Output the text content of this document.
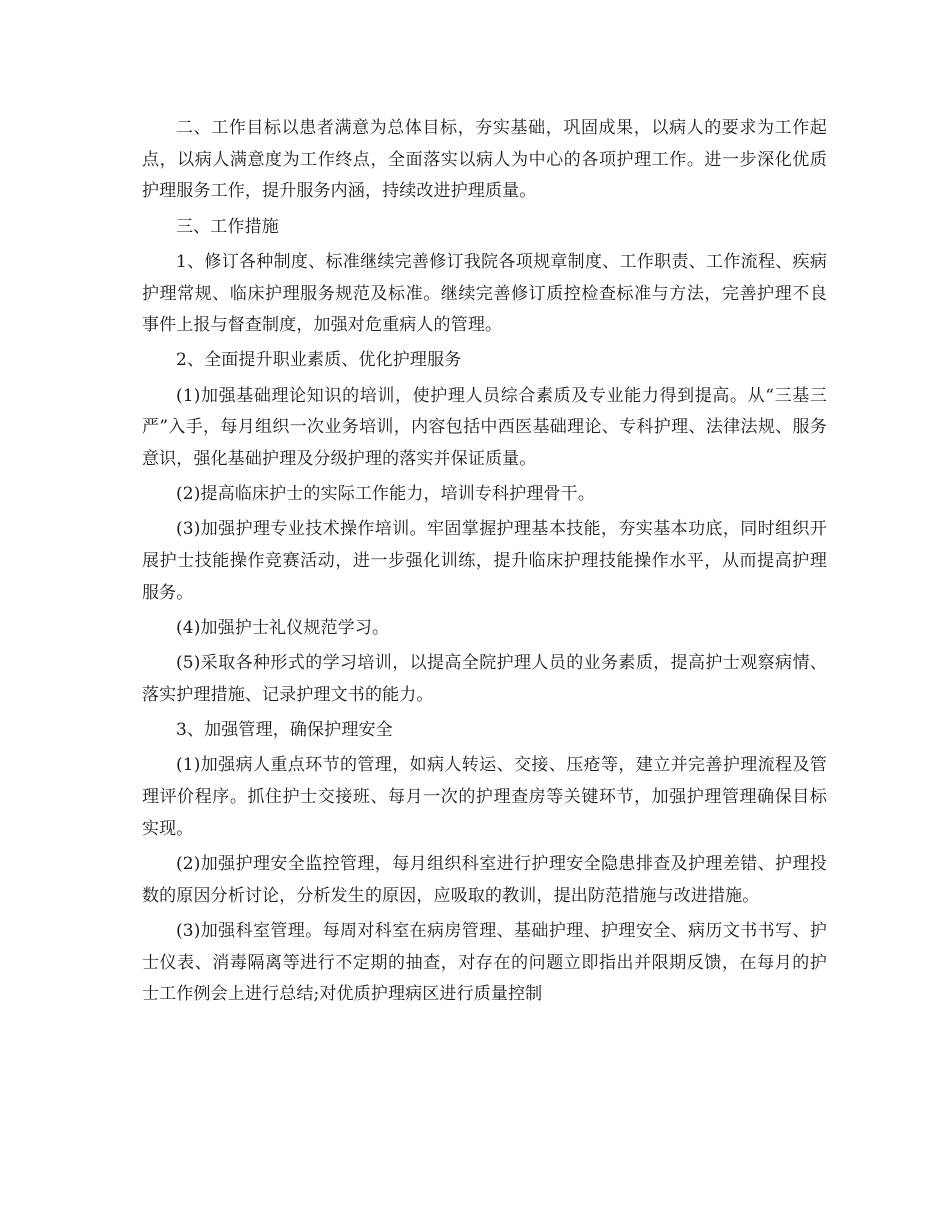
二、工作目标以患者满意为总体目标，夯实基础，巩固成果，以病人的要求为工作起点，以病人满意度为工作终点，全面落实以病人为中心的各项护理工作。进一步深化优质护理服务工作，提升服务内涵，持续改进护理质量。

三、工作措施

1、修订各种制度、标准继续完善修订我院各项规章制度、工作职责、工作流程、疾病护理常规、临床护理服务规范及标准。继续完善修订质控检查标准与方法，完善护理不良事件上报与督查制度，加强对危重病人的管理。

2、全面提升职业素质、优化护理服务

(1)加强基础理论知识的培训，使护理人员综合素质及专业能力得到提高。从“三基三严”入手，每月组织一次业务培训，内容包括中西医基础理论、专科护理、法律法规、服务意识，强化基础护理及分级护理的落实并保证质量。

(2)提高临床护士的实际工作能力，培训专科护理骨干。

(3)加强护理专业技术操作培训。牢固掌握护理基本技能，夯实基本功底，同时组织开展护士技能操作竞赛活动，进一步强化训练，提升临床护理技能操作水平，从而提高护理服务。

(4)加强护士礼仪规范学习。

(5)采取各种形式的学习培训，以提高全院护理人员的业务素质，提高护士观察病情、落实护理措施、记录护理文书的能力。

3、加强管理，确保护理安全

(1)加强病人重点环节的管理，如病人转运、交接、压疮等，建立并完善护理流程及管理评价程序。抓住护士交接班、每月一次的护理查房等关键环节，加强护理管理确保目标实现。

(2)加强护理安全监控管理，每月组织科室进行护理安全隐患排查及护理差错、护理投数的原因分析讨论，分析发生的原因，应吸取的教训，提出防范措施与改进措施。

(3)加强科室管理。每周对科室在病房管理、基础护理、护理安全、病历文书书写、护士仪表、消毒隔离等进行不定期的抽查，对存在的问题立即指出并限期反馈，在每月的护士工作例会上进行总结;对优质护理病区进行质量控制
